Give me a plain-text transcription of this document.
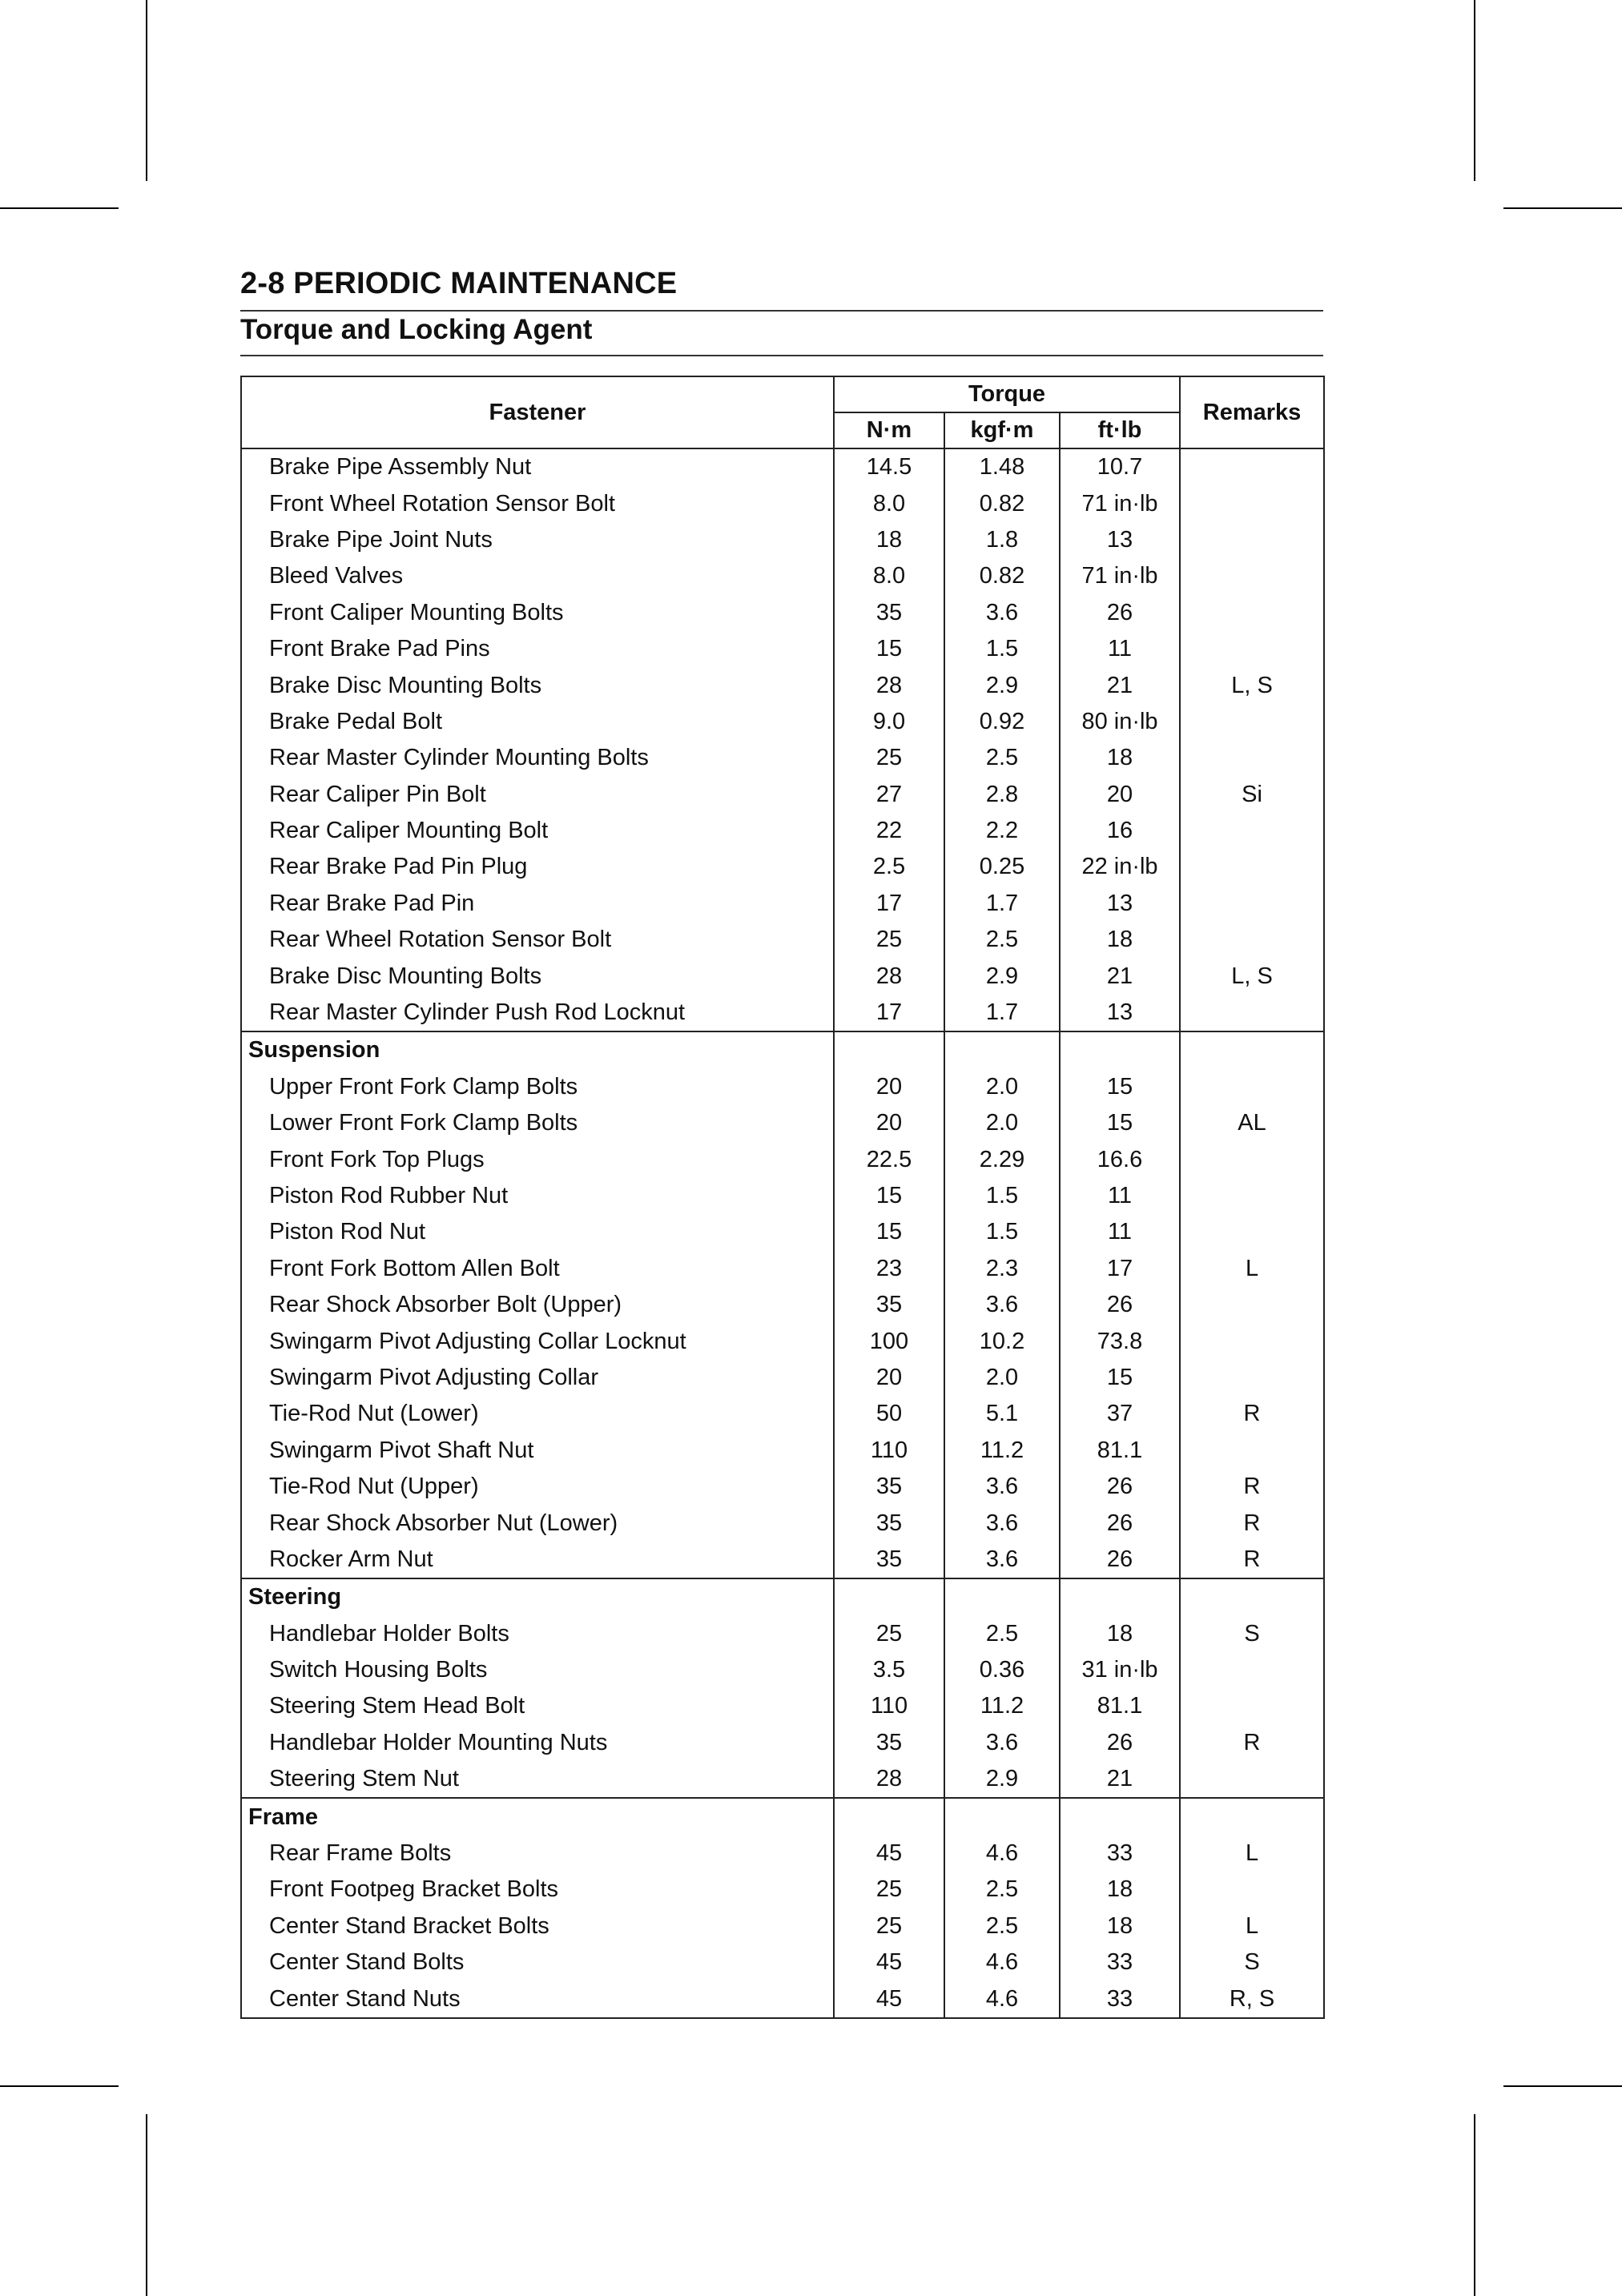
2-8 PERIODIC MAINTENANCE
Torque and Locking Agent
Fastener	Torque			Remarks
	N·m	kgf·m	ft·lb	
Brake Pipe Assembly Nut	14.5	1.48	10.7	
Front Wheel Rotation Sensor Bolt	8.0	0.82	71 in·lb	
Brake Pipe Joint Nuts	18	1.8	13	
Bleed Valves	8.0	0.82	71 in·lb	
Front Caliper Mounting Bolts	35	3.6	26	
Front Brake Pad Pins	15	1.5	11	
Brake Disc Mounting Bolts	28	2.9	21	L, S
Brake Pedal Bolt	9.0	0.92	80 in·lb	
Rear Master Cylinder Mounting Bolts	25	2.5	18	
Rear Caliper Pin Bolt	27	2.8	20	Si
Rear Caliper Mounting Bolt	22	2.2	16	
Rear Brake Pad Pin Plug	2.5	0.25	22 in·lb	
Rear Brake Pad Pin	17	1.7	13	
Rear Wheel Rotation Sensor Bolt	25	2.5	18	
Brake Disc Mounting Bolts	28	2.9	21	L, S
Rear Master Cylinder Push Rod Locknut	17	1.7	13	
Suspension				
Upper Front Fork Clamp Bolts	20	2.0	15	
Lower Front Fork Clamp Bolts	20	2.0	15	AL
Front Fork Top Plugs	22.5	2.29	16.6	
Piston Rod Rubber Nut	15	1.5	11	
Piston Rod Nut	15	1.5	11	
Front Fork Bottom Allen Bolt	23	2.3	17	L
Rear Shock Absorber Bolt (Upper)	35	3.6	26	
Swingarm Pivot Adjusting Collar Locknut	100	10.2	73.8	
Swingarm Pivot Adjusting Collar	20	2.0	15	
Tie-Rod Nut (Lower)	50	5.1	37	R
Swingarm Pivot Shaft Nut	110	11.2	81.1	
Tie-Rod Nut (Upper)	35	3.6	26	R
Rear Shock Absorber Nut (Lower)	35	3.6	26	R
Rocker Arm Nut	35	3.6	26	R
Steering				
Handlebar Holder Bolts	25	2.5	18	S
Switch Housing Bolts	3.5	0.36	31 in·lb	
Steering Stem Head Bolt	110	11.2	81.1	
Handlebar Holder Mounting Nuts	35	3.6	26	R
Steering Stem Nut	28	2.9	21	
Frame				
Rear Frame Bolts	45	4.6	33	L
Front Footpeg Bracket Bolts	25	2.5	18	
Center Stand Bracket Bolts	25	2.5	18	L
Center Stand Bolts	45	4.6	33	S
Center Stand Nuts	45	4.6	33	R, S
